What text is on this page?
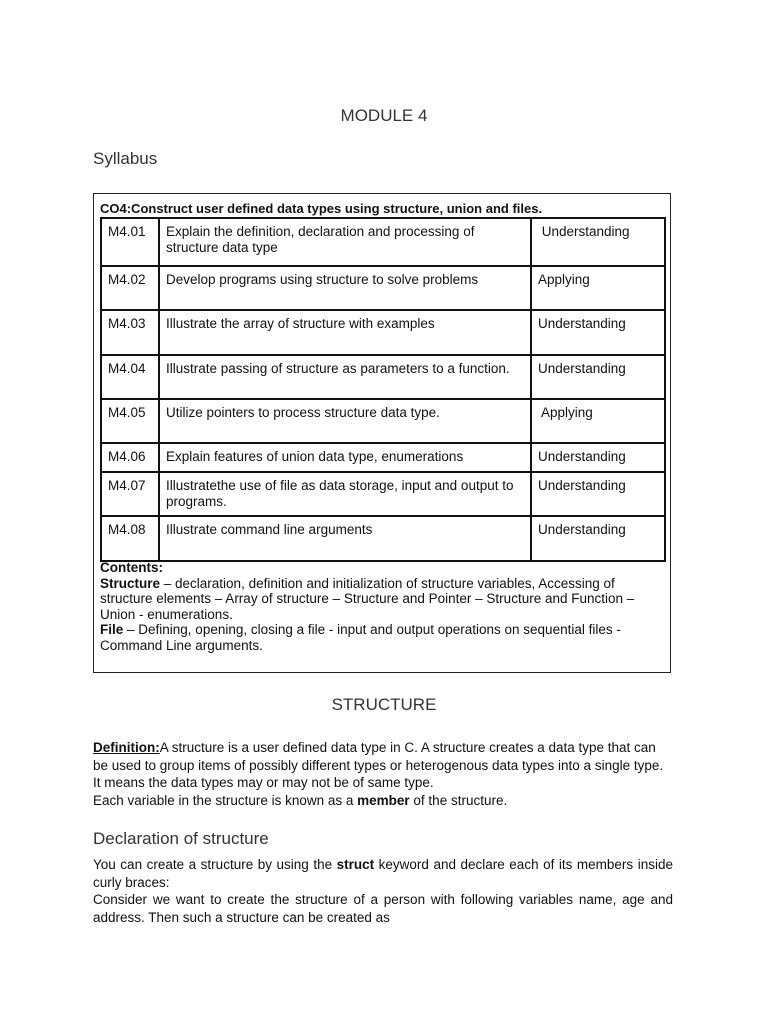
MODULE 4
Syllabus
CO4:Construct user defined data types using structure, union and files.
M4.01	Explain the definition, declaration and processing of structure data type	Understanding
M4.02	Develop programs using structure to solve problems	Applying
M4.03	Illustrate the array of structure with examples	Understanding
M4.04	Illustrate passing of structure as parameters to a function.	Understanding
M4.05	Utilize pointers to process structure data type.	Applying
M4.06	Explain features of union data type, enumerations	Understanding
M4.07	Illustratethe use of file as data storage, input and output to programs.	Understanding
M4.08	Illustrate command line arguments	Understanding
Contents:
Structure – declaration, definition and initialization of structure variables, Accessing of structure elements – Array of structure – Structure and Pointer – Structure and Function – Union - enumerations.
File – Defining, opening, closing a file - input and output operations on sequential files - Command Line arguments.
STRUCTURE
Definition:A structure is a user defined data type in C. A structure creates a data type that can be used to group items of possibly different types or heterogenous data types into a single type. It means the data types may or may not be of same type.
Each variable in the structure is known as a member of the structure.
Declaration of structure
You can create a structure by using the struct keyword and declare each of its members inside curly braces:
Consider we want to create the structure of a person with following variables name, age and address. Then such a structure can be created as
